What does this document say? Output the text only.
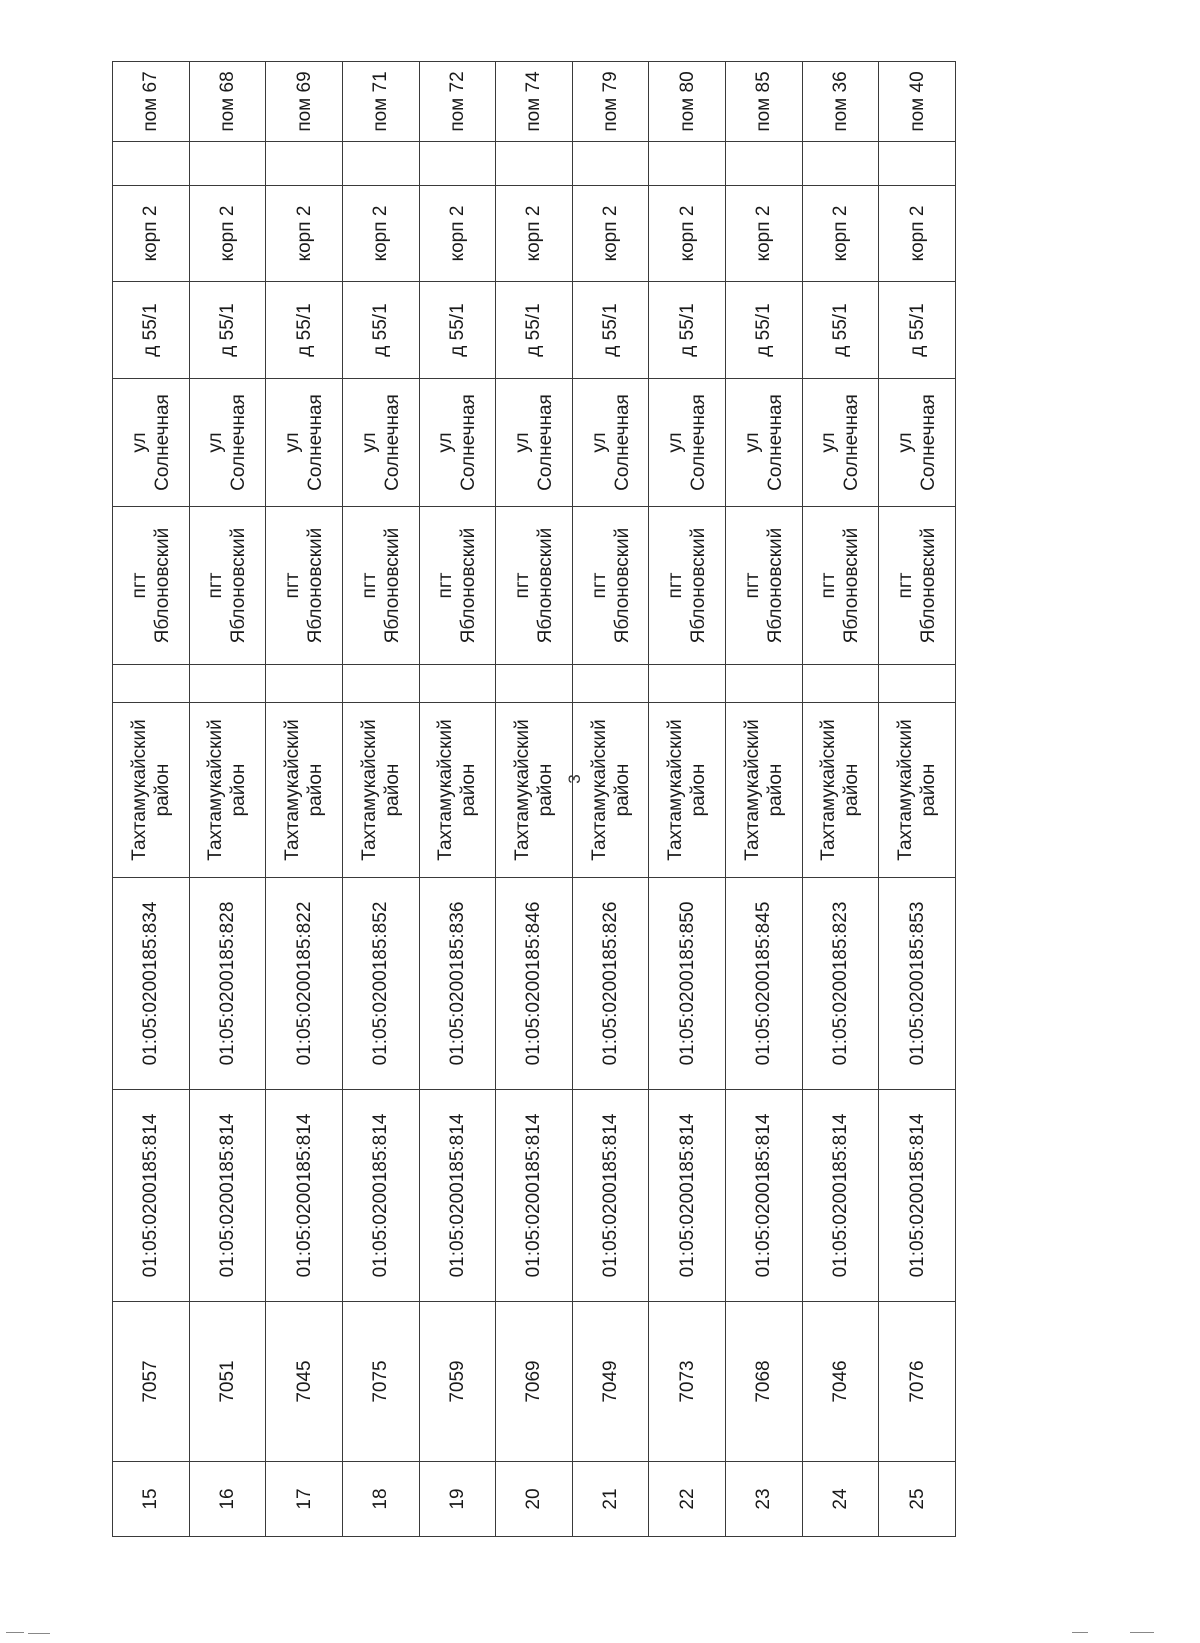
15	7057	01:05:0200185:814	01:05:0200185:834	Тахтамукайский район		пгт Яблоновский	ул Солнечная	д 55/1	корп 2		пом 67
16	7051	01:05:0200185:814	01:05:0200185:828	Тахтамукайский район		пгт Яблоновский	ул Солнечная	д 55/1	корп 2		пом 68
17	7045	01:05:0200185:814	01:05:0200185:822	Тахтамукайский район		пгт Яблоновский	ул Солнечная	д 55/1	корп 2		пом 69
18	7075	01:05:0200185:814	01:05:0200185:852	Тахтамукайский район		пгт Яблоновский	ул Солнечная	д 55/1	корп 2		пом 71
19	7059	01:05:0200185:814	01:05:0200185:836	Тахтамукайский район		пгт Яблоновский	ул Солнечная	д 55/1	корп 2		пом 72
20	7069	01:05:0200185:814	01:05:0200185:846	Тахтамукайский район		пгт Яблоновский	ул Солнечная	д 55/1	корп 2		пом 74
21	7049	01:05:0200185:814	01:05:0200185:826	Тахтамукайский район		пгт Яблоновский	ул Солнечная	д 55/1	корп 2		пом 79
22	7073	01:05:0200185:814	01:05:0200185:850	Тахтамукайский район		пгт Яблоновский	ул Солнечная	д 55/1	корп 2		пом 80
23	7068	01:05:0200185:814	01:05:0200185:845	Тахтамукайский район		пгт Яблоновский	ул Солнечная	д 55/1	корп 2		пом 85
24	7046	01:05:0200185:814	01:05:0200185:823	Тахтамукайский район		пгт Яблоновский	ул Солнечная	д 55/1	корп 2		пом 36
25	7076	01:05:0200185:814	01:05:0200185:853	Тахтамукайский район		пгт Яблоновский	ул Солнечная	д 55/1	корп 2		пом 40
3
